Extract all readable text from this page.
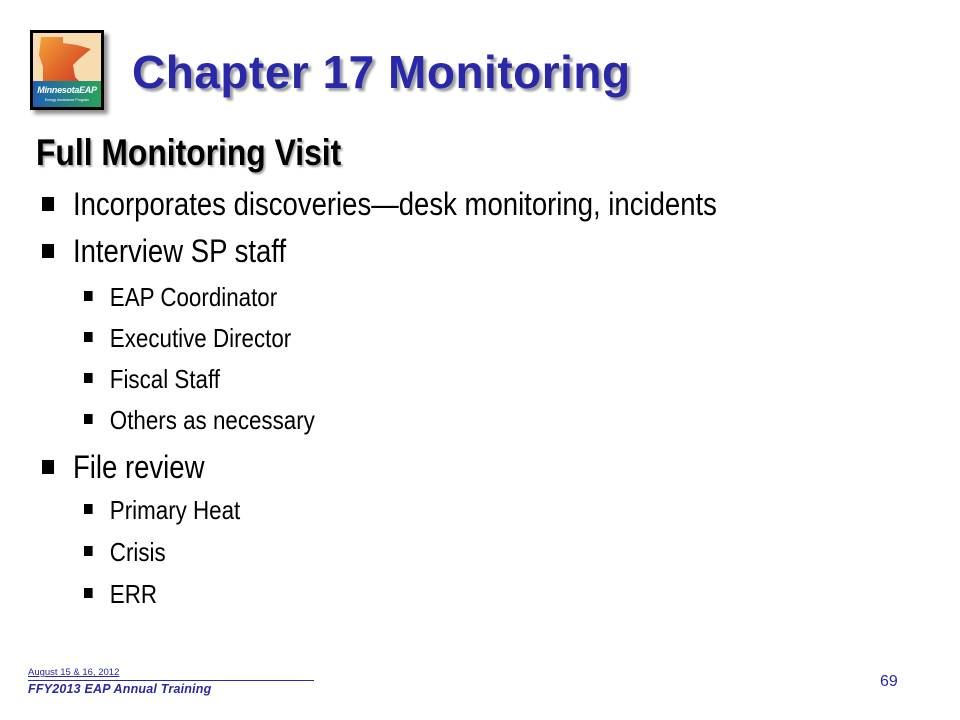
MinnesotaEAP
Energy Assistance Program
Chapter 17 Monitoring
Full Monitoring Visit
Incorporates discoveries—desk monitoring, incidents
Interview SP staff
EAP Coordinator
Executive Director
Fiscal Staff
Others as necessary
File review
Primary Heat
Crisis
ERR
August 15 & 16, 2012
FFY2013 EAP Annual Training	69
